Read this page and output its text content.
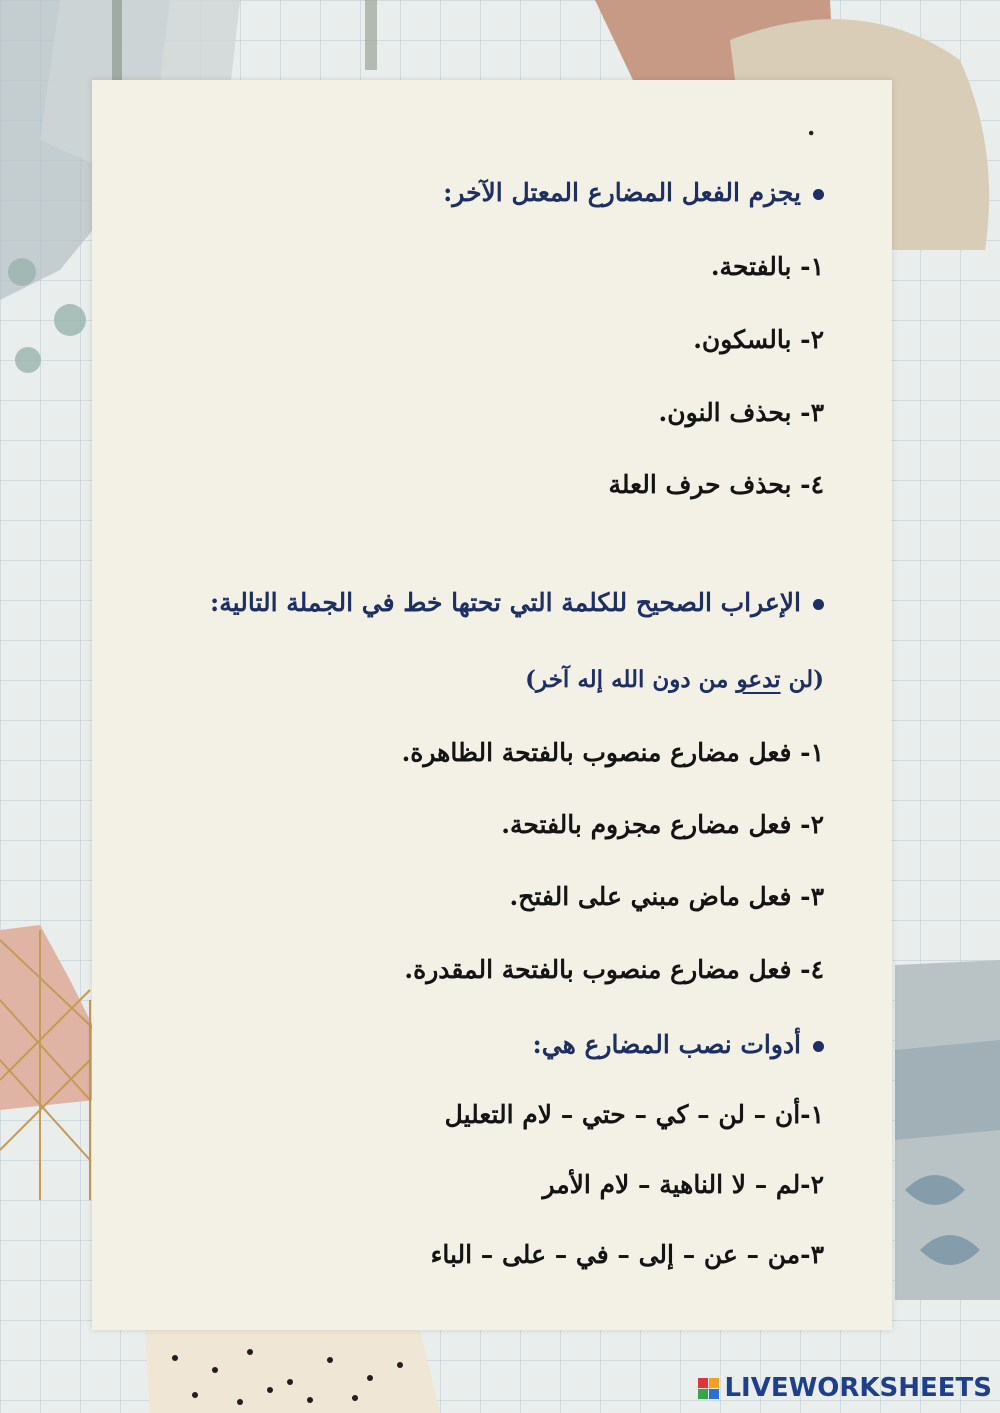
.
يجزم الفعل المضارع المعتل الآخر:
١- بالفتحة.
٢- بالسكون.
٣- بحذف النون.
٤- بحذف حرف العلة
الإعراب الصحيح للكلمة التي تحتها خط في الجملة التالية:
(لن تدعو من دون الله إله آخر)
١- فعل مضارع منصوب بالفتحة الظاهرة.
٢- فعل مضارع مجزوم بالفتحة.
٣- فعل ماض مبني على الفتح.
٤- فعل مضارع منصوب بالفتحة المقدرة.
أدوات نصب المضارع هي:
١-أن – لن – كي – حتي – لام التعليل
٢-لم – لا الناهية – لام الأمر
٣-من – عن – إلى – في – على – الباء
LIVEWORKSHEETS
